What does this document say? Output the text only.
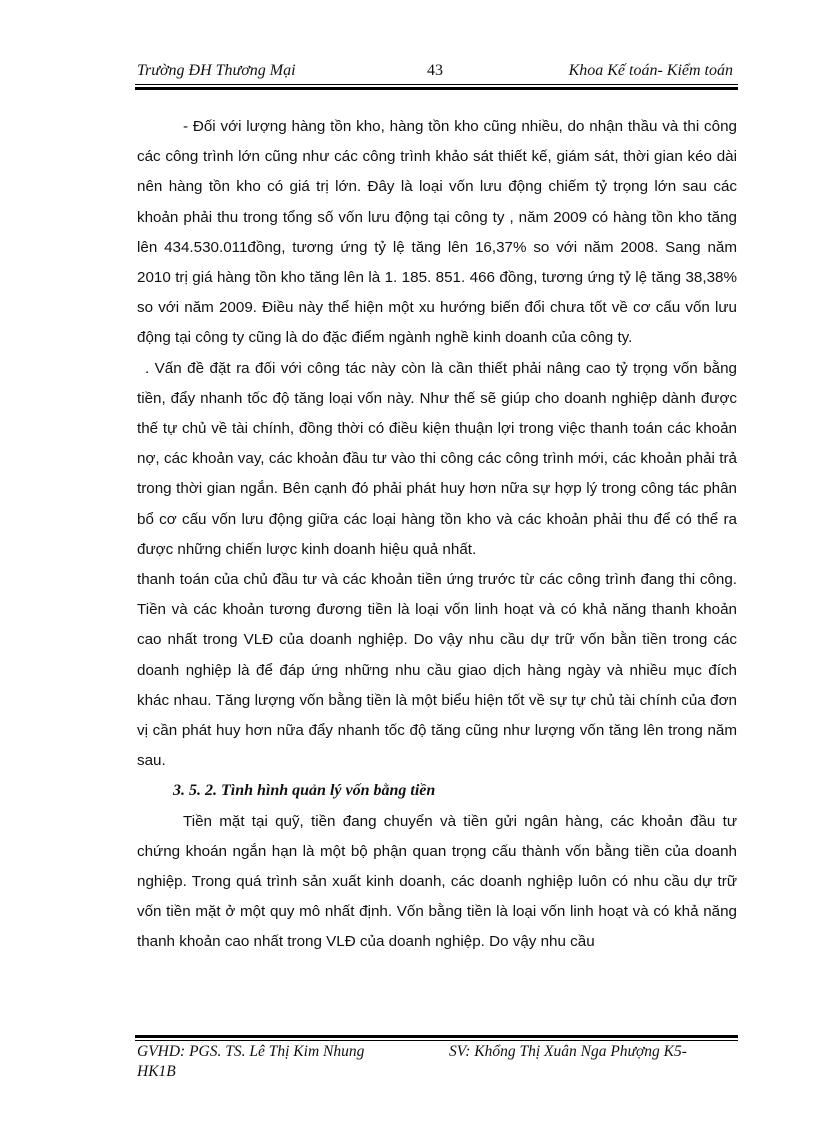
Trường ĐH Thương Mại	43	Khoa Kế toán- Kiểm toán

- Đối với lượng hàng tồn kho, hàng tồn kho cũng nhiều, do nhận thầu và thi công các công trình lớn cũng như các công trình khảo sát thiết kế, giám sát, thời gian kéo dài nên hàng tồn kho có giá trị lớn. Đây là loại vốn lưu động chiếm tỷ trọng lớn sau các khoản phải thu trong tổng số vốn lưu động tại công ty , năm 2009 có hàng tồn kho tăng lên 434.530.011đồng, tương ứng tỷ lệ tăng lên 16,37% so với năm 2008. Sang năm 2010 trị giá hàng tồn kho tăng lên là 1. 185. 851. 466 đồng, tương ứng tỷ lệ tăng 38,38% so với năm 2009. Điều này thể hiện một xu hướng biến đổi chưa tốt về cơ cấu vốn lưu động tại công ty cũng là do đặc điểm ngành nghề kinh doanh của công ty.

. Vấn đề đặt ra đối với công tác này còn là cần thiết phải nâng cao tỷ trọng vốn bằng tiền, đẩy nhanh tốc độ tăng loại vốn này. Như thế sẽ giúp cho doanh nghiệp dành được thế tự chủ về tài chính, đồng thời có điều kiện thuận lợi trong việc thanh toán các khoản nợ, các khoản vay, các khoản đầu tư vào thi công các công trình mới, các khoản phải trả trong thời gian ngắn. Bên cạnh đó phải phát huy hơn nữa sự hợp lý trong công tác phân bổ cơ cấu vốn lưu động giữa các loại hàng tồn kho và các khoản phải thu để có thể ra được những chiến lược kinh doanh hiệu quả nhất.

thanh toán của chủ đầu tư và các khoản tiền ứng trước từ các công trình đang thi công. Tiền và các khoản tương đương tiền là loại vốn linh hoạt và có khả năng thanh khoản cao nhất trong VLĐ của doanh nghiệp. Do vậy nhu cầu dự trữ vốn bằn tiền trong các doanh nghiệp là để đáp ứng những nhu cầu giao dịch hàng ngày và nhiều mục đích khác nhau. Tăng lượng vốn bằng tiền là một biểu hiện tốt về sự tự chủ tài chính của đơn vị cần phát huy hơn nữa đẩy nhanh tốc độ tăng cũng như lượng vốn tăng lên trong năm sau.

3. 5. 2. Tình hình quản lý vốn bằng tiền

Tiền mặt tại quỹ, tiền đang chuyển và tiền gửi ngân hàng, các khoản đầu tư chứng khoán ngắn hạn là một bộ phận quan trọng cấu thành vốn bằng tiền của doanh nghiệp. Trong quá trình sản xuất kinh doanh, các doanh nghiệp luôn có nhu cầu dự trữ vốn tiền mặt ở một quy mô nhất định. Vốn bằng tiền là loại vốn linh hoạt và có khả năng thanh khoản cao nhất trong VLĐ của doanh nghiệp. Do vậy nhu cầu

GVHD: PGS. TS. Lê Thị Kim Nhung	SV: Khổng Thị Xuân Nga Phượng K5-
HK1B
